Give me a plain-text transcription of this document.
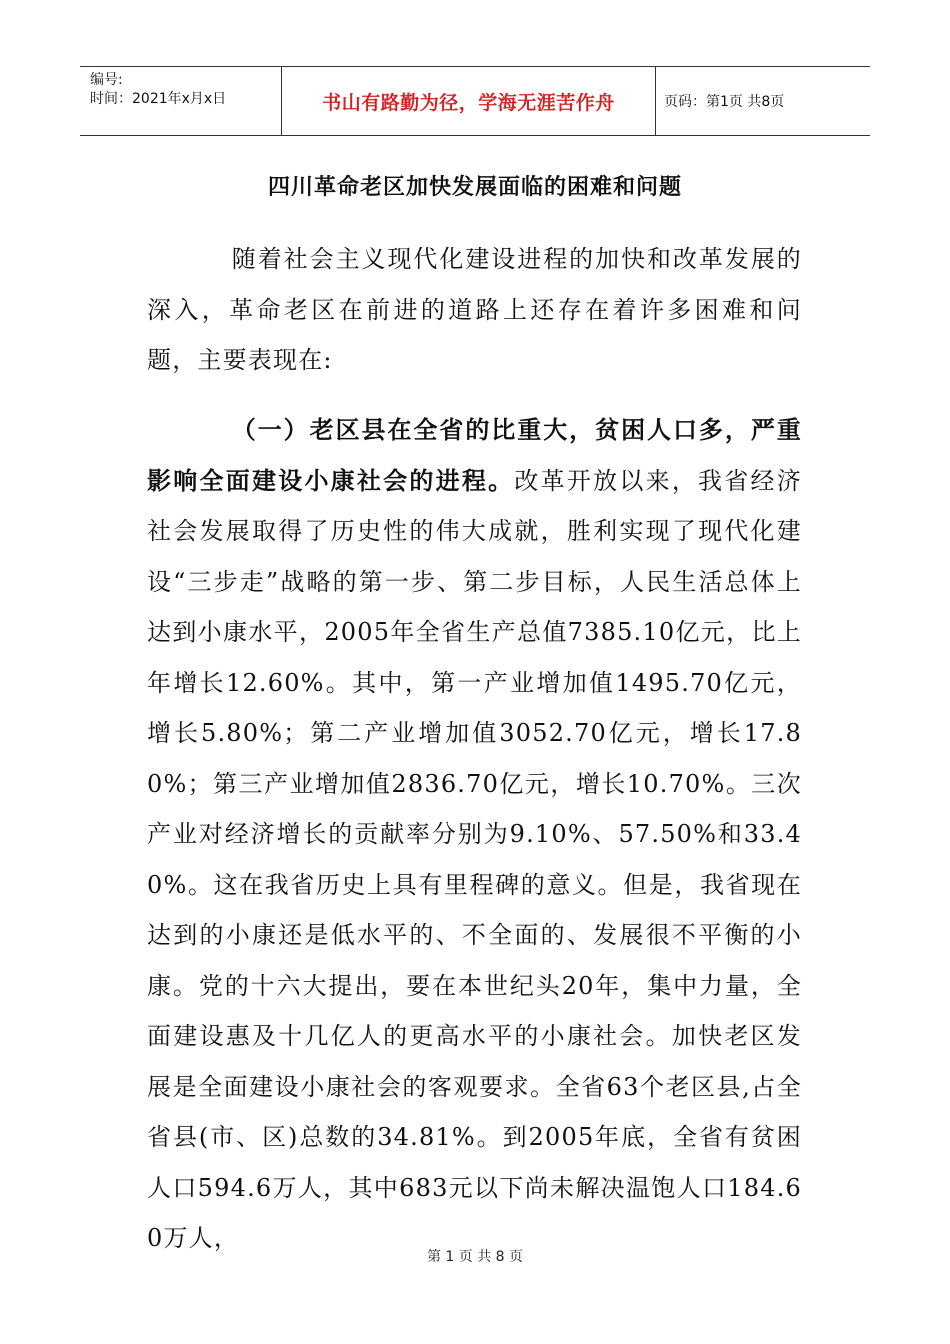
编号:
时间：2021年x月x日	书山有路勤为径，学海无涯苦作舟	页码：第1页 共8页
四川革命老区加快发展面临的困难和问题

随着社会主义现代化建设进程的加快和改革发展的深入，革命老区在前进的道路上还存在着许多困难和问题，主要表现在:

（一）老区县在全省的比重大，贫困人口多，严重影响全面建设小康社会的进程。改革开放以来，我省经济社会发展取得了历史性的伟大成就，胜利实现了现代化建设“三步走”战略的第一步、第二步目标，人民生活总体上达到小康水平，2005年全省生产总值7385.10亿元，比上年增长12.60%。其中，第一产业增加值1495.70亿元，增长5.80%；第二产业增加值3052.70亿元，增长17.80%；第三产业增加值2836.70亿元，增长10.70%。三次产业对经济增长的贡献率分别为9.10%、57.50%和33.40%。这在我省历史上具有里程碑的意义。但是，我省现在达到的小康还是低水平的、不全面的、发展很不平衡的小康。党的十六大提出，要在本世纪头20年，集中力量，全面建设惠及十几亿人的更高水平的小康社会。加快老区发展是全面建设小康社会的客观要求。全省63个老区县,占全省县(市、区)总数的34.81%。到2005年底，全省有贫困人口594.6万人，其中683元以下尚未解决温饱人口184.60万人，

第 1 页 共 8 页
